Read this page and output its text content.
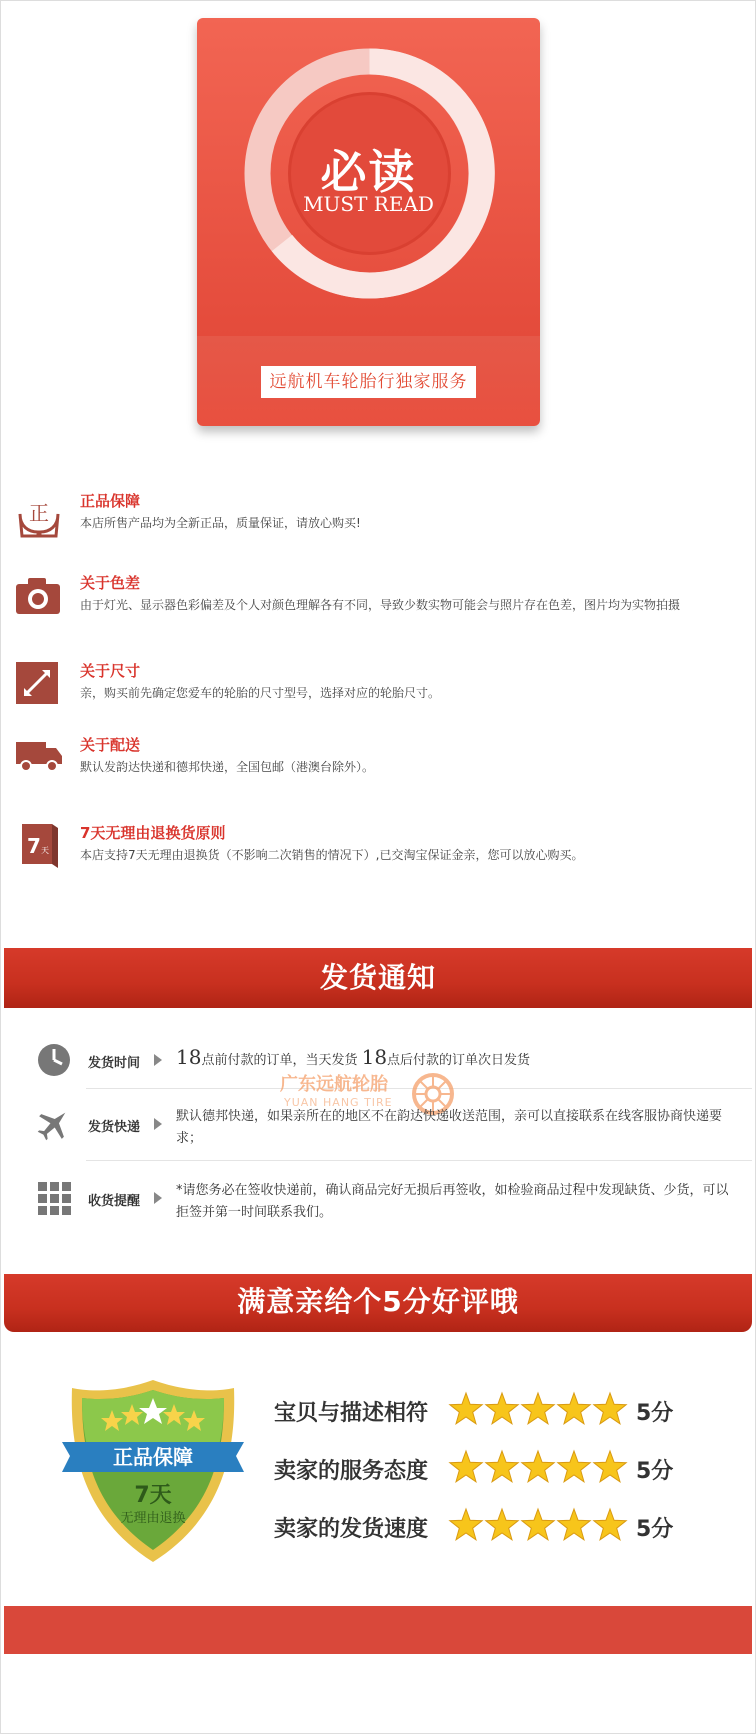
必读
MUST READ
远航机车轮胎行独家服务
正 正品保障
本店所售产品均为全新正品，质量保证，请放心购买!
关于色差
由于灯光、显示器色彩偏差及个人对颜色理解各有不同，导致少数实物可能会与照片存在色差，图片均为实物拍摄
关于尺寸
亲，购买前先确定您爱车的轮胎的尺寸型号，选择对应的轮胎尺寸。
关于配送
默认发韵达快递和德邦快递，全国包邮（港澳台除外）。
7 天
7天无理由退换货原则
本店支持7天无理由退换货（不影响二次销售的情况下）,已交淘宝保证金亲，您可以放心购买。
发货通知
发货时间 18点前付款的订单，当天发货 18点后付款的订单次日发货
广东远航轮胎
YUAN HANG TIRE
发货快递
默认德邦快递，如果亲所在的地区不在韵达快递收送范围，亲可以直接联系在线客服协商快递要求；
收货提醒
*请您务必在签收快递前，确认商品完好无损后再签收，如检验商品过程中发现缺货、少货，可以拒签并第一时间联系我们。
满意亲给个5分好评哦
正品保障
7天
无理由退换
宝贝与描述相符	5分
卖家的服务态度	5分
卖家的发货速度	5分
